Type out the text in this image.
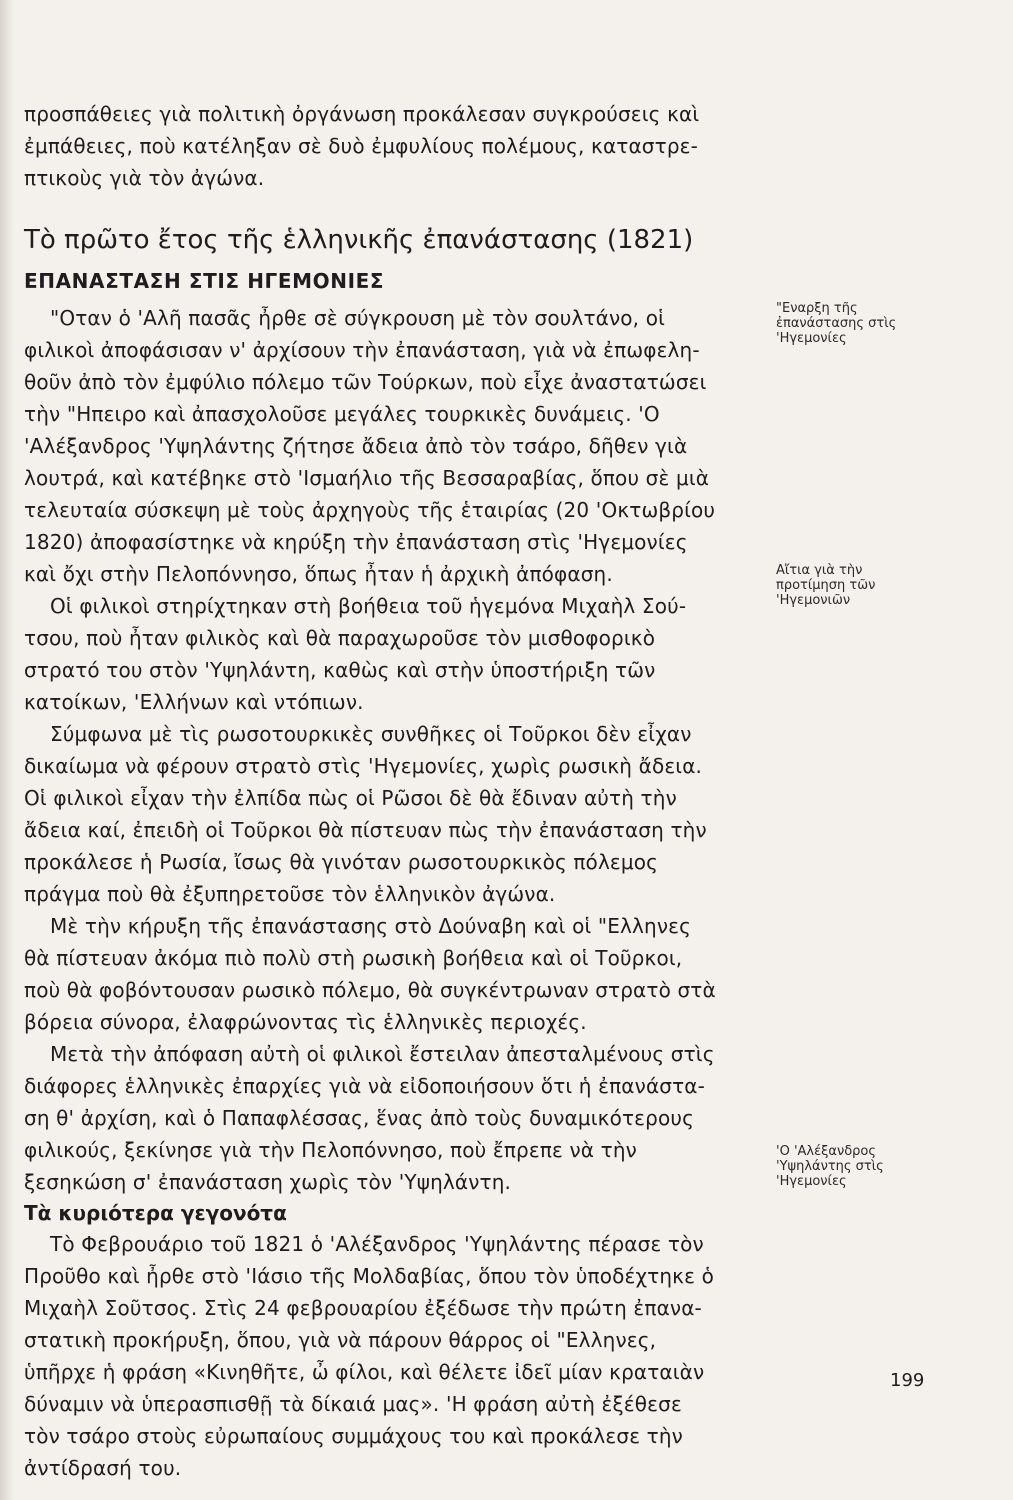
προσπάθειες γιὰ πολιτικὴ ὀργάνωση προκάλεσαν συγκρούσεις καὶ
ἐμπάθειες, ποὺ κατέληξαν σὲ δυὸ ἐμφυλίους πολέμους, καταστρε-
πτικοὺς γιὰ τὸν ἀγώνα.
Τὸ πρῶτο ἔτος τῆς ἑλληνικῆς ἐπανάστασης (1821)
ΕΠΑΝΑΣΤΑΣΗ ΣΤΙΣ ΗΓΕΜΟΝΙΕΣ
"Οταν ὁ 'Αλῆ πασᾶς ἦρθε σὲ σύγκρουση μὲ τὸν σουλτάνο, οἱ
φιλικοὶ ἀποφάσισαν ν' ἀρχίσουν τὴν ἐπανάσταση, γιὰ νὰ ἐπωφελη-
θοῦν ἀπὸ τὸν ἐμφύλιο πόλεμο τῶν Τούρκων, ποὺ εἶχε ἀναστατώσει
τὴν "Ηπειρο καὶ ἀπασχολοῦσε μεγάλες τουρκικὲς δυνάμεις. 'Ο
'Αλέξανδρος 'Υψηλάντης ζήτησε ἄδεια ἀπὸ τὸν τσάρο, δῆθεν γιὰ
λουτρά, καὶ κατέβηκε στὸ 'Ισμαήλιο τῆς Βεσσαραβίας, ὅπου σὲ μιὰ
τελευταία σύσκεψη μὲ τοὺς ἀρχηγοὺς τῆς ἑταιρίας (20 'Οκτωβρίου
1820) ἀποφασίστηκε νὰ κηρύξη τὴν ἐπανάσταση στὶς 'Ηγεμονίες
καὶ ὄχι στὴν Πελοπόννησο, ὅπως ἦταν ἡ ἀρχικὴ ἀπόφαση.
Οἱ φιλικοὶ στηρίχτηκαν στὴ βοήθεια τοῦ ἡγεμόνα Μιχαὴλ Σού-
τσου, ποὺ ἦταν φιλικὸς καὶ θὰ παραχωροῦσε τὸν μισθοφορικὸ
στρατό του στὸν 'Υψηλάντη, καθὼς καὶ στὴν ὑποστήριξη τῶν
κατοίκων, 'Ελλήνων καὶ ντόπιων.
Σύμφωνα μὲ τὶς ρωσοτουρκικὲς συνθῆκες οἱ Τοῦρκοι δὲν εἶχαν
δικαίωμα νὰ φέρουν στρατὸ στὶς 'Ηγεμονίες, χωρὶς ρωσικὴ ἄδεια.
Οἱ φιλικοὶ εἶχαν τὴν ἐλπίδα πὼς οἱ Ρῶσοι δὲ θὰ ἔδιναν αὐτὴ τὴν
ἄδεια καί, ἐπειδὴ οἱ Τοῦρκοι θὰ πίστευαν πὼς τὴν ἐπανάσταση τὴν
προκάλεσε ἡ Ρωσία, ἴσως θὰ γινόταν ρωσοτουρκικὸς πόλεμος
πράγμα ποὺ θὰ ἐξυπηρετοῦσε τὸν ἑλληνικὸν ἀγώνα.
Μὲ τὴν κήρυξη τῆς ἐπανάστασης στὸ Δούναβη καὶ οἱ "Ελληνες
θὰ πίστευαν ἀκόμα πιὸ πολὺ στὴ ρωσικὴ βοήθεια καὶ οἱ Τοῦρκοι,
ποὺ θὰ φοβόντουσαν ρωσικὸ πόλεμο, θὰ συγκέντρωναν στρατὸ στὰ
βόρεια σύνορα, ἐλαφρώνοντας τὶς ἑλληνικὲς περιοχές.
Μετὰ τὴν ἀπόφαση αὐτὴ οἱ φιλικοὶ ἔστειλαν ἀπεσταλμένους στὶς
διάφορες ἑλληνικὲς ἐπαρχίες γιὰ νὰ εἰδοποιήσουν ὅτι ἡ ἐπανάστα-
ση θ' ἀρχίση, καὶ ὁ Παπαφλέσσας, ἕνας ἀπὸ τοὺς δυναμικότερους
φιλικούς, ξεκίνησε γιὰ τὴν Πελοπόννησο, ποὺ ἔπρεπε νὰ τὴν
ξεσηκώση σ' ἐπανάσταση χωρὶς τὸν 'Υψηλάντη.
Τὰ κυριότερα γεγονότα
Τὸ Φεβρουάριο τοῦ 1821 ὁ 'Αλέξανδρος 'Υψηλάντης πέρασε τὸν
Προῦθο καὶ ἦρθε στὸ 'Ιάσιο τῆς Μολδαβίας, ὅπου τὸν ὑποδέχτηκε ὁ
Μιχαὴλ Σοῦτσος. Στὶς 24 φεβρουαρίου ἐξέδωσε τὴν πρώτη ἐπανα-
στατικὴ προκήρυξη, ὅπου, γιὰ νὰ πάρουν θάρρος οἱ "Ελληνες,
ὑπῆρχε ἡ φράση «Κινηθῆτε, ὦ φίλοι, καὶ θέλετε ἰδεῖ μίαν κραταιὰν
δύναμιν νὰ ὑπερασπισθῇ τὰ δίκαιά μας». 'Η φράση αὐτὴ ἐξέθεσε
τὸν τσάρο στοὺς εὐρωπαίους συμμάχους του καὶ προκάλεσε τὴν
ἀντίδρασή του.
"Εναρξη τῆς
ἐπανάστασης στὶς
'Ηγεμονίες
Αἴτια γιὰ τὴν
προτίμηση τῶν
'Ηγεμονιῶν
'Ο 'Αλέξανδρος
'Υψηλάντης στὶς
'Ηγεμονίες
199
